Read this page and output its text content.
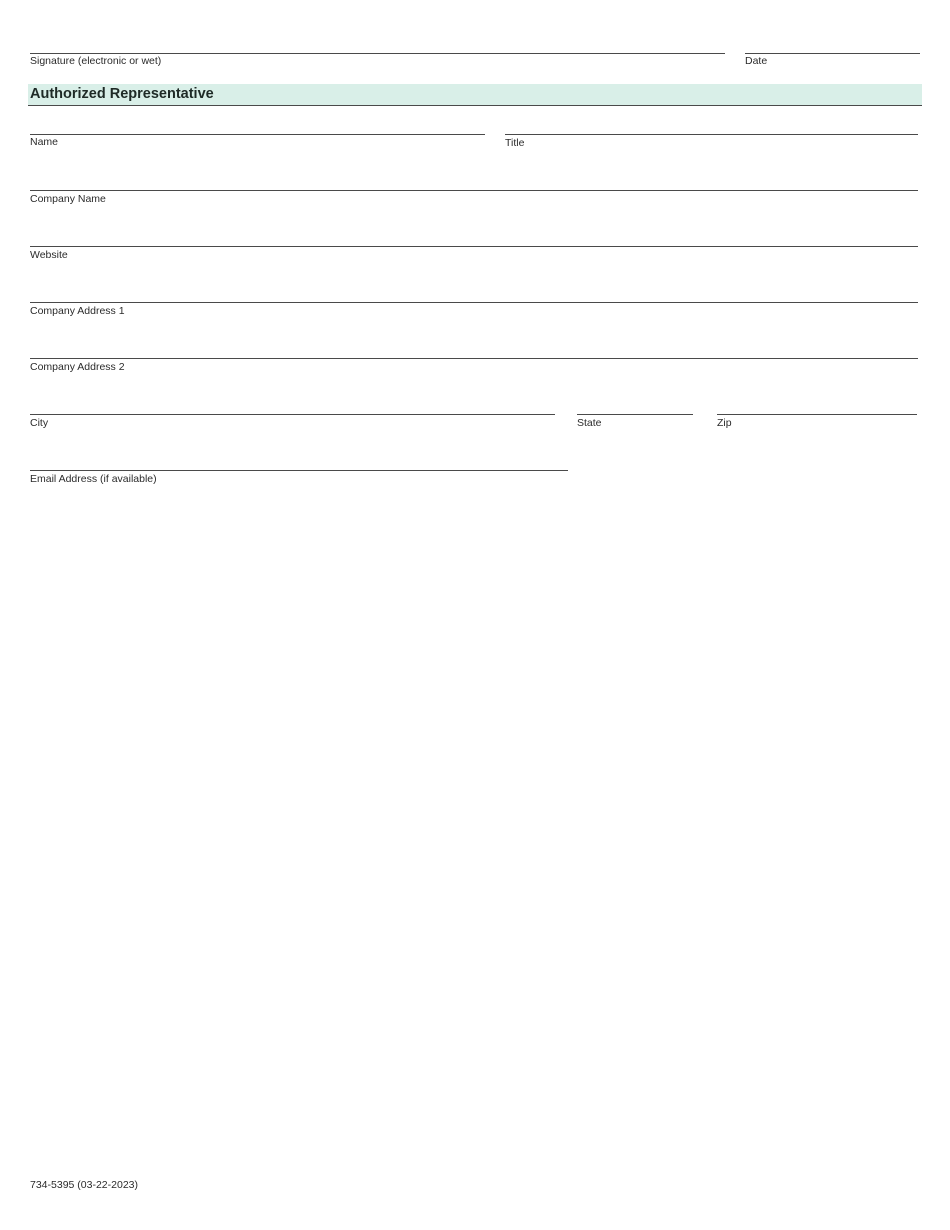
Signature (electronic or wet)	Date
Authorized Representative
Name	Title
Company Name
Website
Company Address 1
Company Address 2
City	State	Zip
Email Address (if available)
734-5395 (03-22-2023)
